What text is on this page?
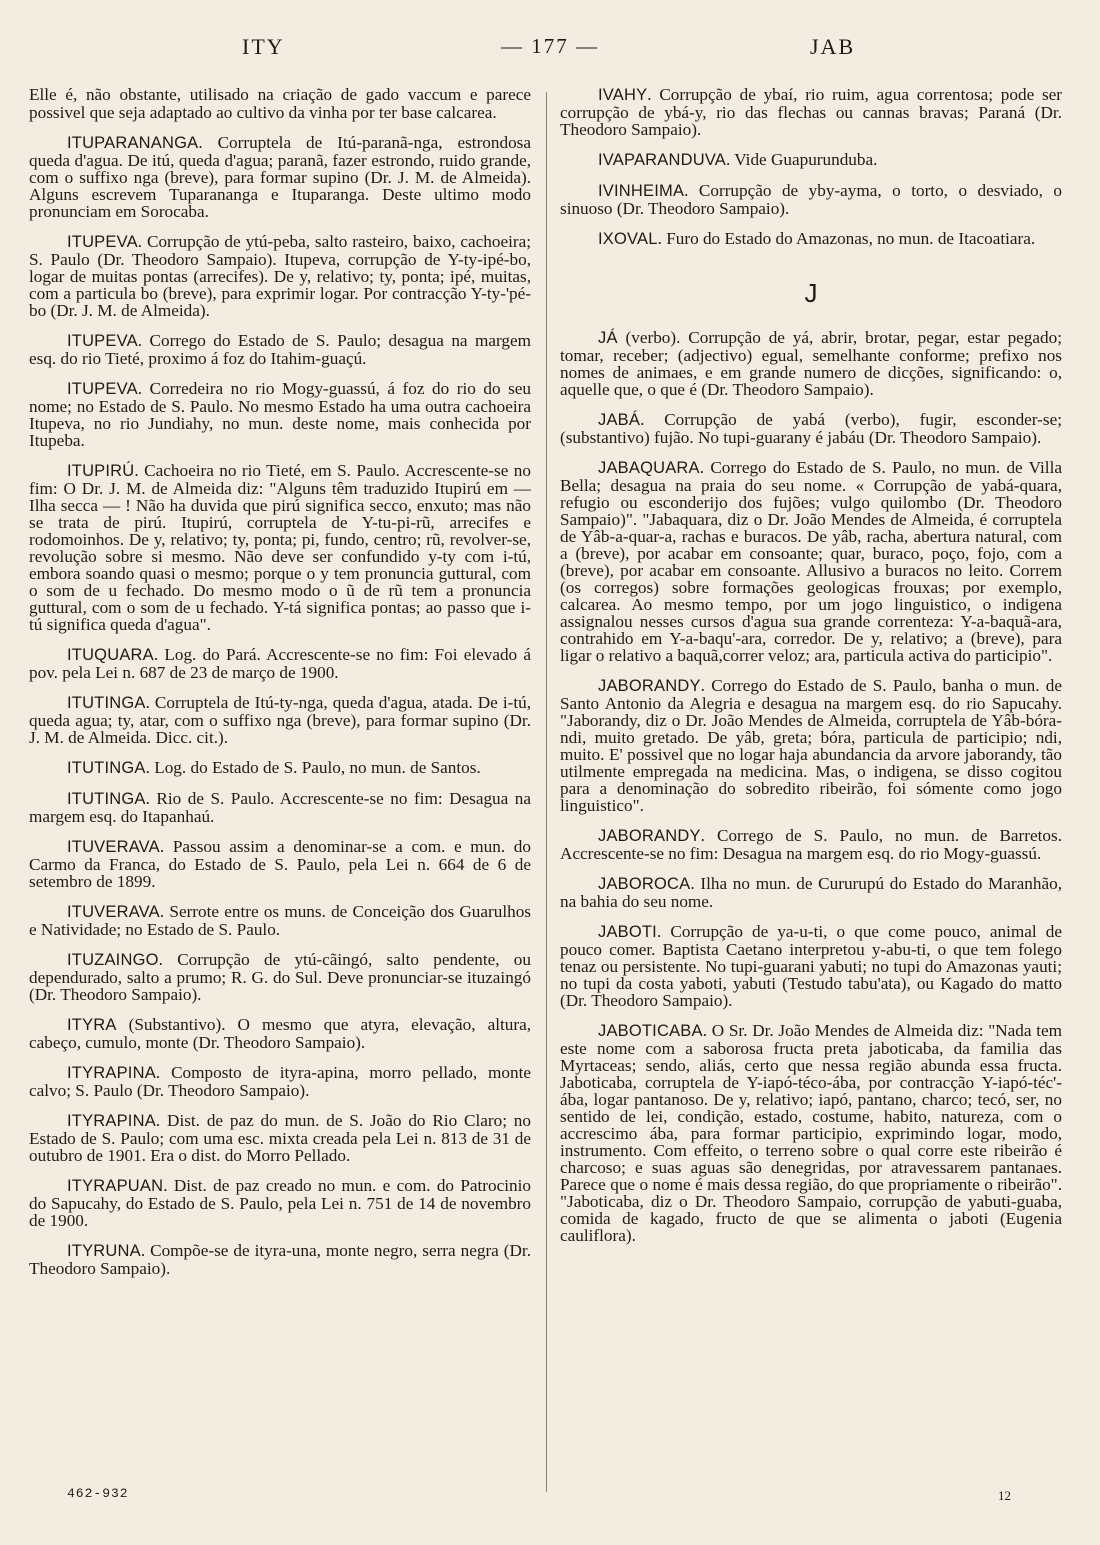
ITY	— 177 —	JAB

Elle é, não obstante, utilisado na criação de gado vaccum e parece possivel que seja adaptado ao cultivo da vinha por ter base calcarea.

ITUPARANANGA. Corruptela de Itú-paranã-nga, estrondosa queda d'agua. De itú, queda d'agua; paranã, fazer estrondo, ruido grande, com o suffixo nga (breve), para formar supino (Dr. J. M. de Almeida). Alguns escrevem Tuparananga e Ituparanga. Deste ultimo modo pronunciam em Sorocaba.

ITUPEVA. Corrupção de ytú-peba, salto rasteiro, baixo, cachoeira; S. Paulo (Dr. Theodoro Sampaio). Itupeva, corrupção de Y-ty-ipé-bo, logar de muitas pontas (arrecifes). De y, relativo; ty, ponta; ipé, muitas, com a particula bo (breve), para exprimir logar. Por contracção Y-ty-'pé-bo (Dr. J. M. de Almeida).

ITUPEVA. Corrego do Estado de S. Paulo; desagua na margem esq. do rio Tieté, proximo á foz do Itahim-guaçú.

ITUPEVA. Corredeira no rio Mogy-guassú, á foz do rio do seu nome; no Estado de S. Paulo. No mesmo Estado ha uma outra cachoeira Itupeva, no rio Jundiahy, no mun. deste nome, mais conhecida por Itupeba.

ITUPIRÚ. Cachoeira no rio Tieté, em S. Paulo. Accrescente-se no fim: O Dr. J. M. de Almeida diz: "Alguns têm traduzido Itupirú em — Ilha secca — ! Não ha duvida que pirú significa secco, enxuto; mas não se trata de pirú. Itupirú, corruptela de Y-tu-pi-rũ, arrecifes e rodomoinhos. De y, relativo; ty, ponta; pi, fundo, centro; rũ, revolver-se, revolução sobre si mesmo. Não deve ser confundido y-ty com i-tú, embora soando quasi o mesmo; porque o y tem pronuncia guttural, com o som de u fechado. Do mesmo modo o ũ de rũ tem a pronuncia guttural, com o som de u fechado. Y-tá significa pontas; ao passo que i-tú significa queda d'agua".

ITUQUARA. Log. do Pará. Accrescente-se no fim: Foi elevado á pov. pela Lei n. 687 de 23 de março de 1900.

ITUTINGA. Corruptela de Itú-ty-nga, queda d'agua, atada. De i-tú, queda agua; ty, atar, com o suffixo nga (breve), para formar supino (Dr. J. M. de Almeida. Dicc. cit.).

ITUTINGA. Log. do Estado de S. Paulo, no mun. de Santos.

ITUTINGA. Rio de S. Paulo. Accrescente-se no fim: Desagua na margem esq. do Itapanhaú.

ITUVERAVA. Passou assim a denominar-se a com. e mun. do Carmo da Franca, do Estado de S. Paulo, pela Lei n. 664 de 6 de setembro de 1899.

ITUVERAVA. Serrote entre os muns. de Conceição dos Guarulhos e Natividade; no Estado de S. Paulo.

ITUZAINGO. Corrupção de ytú-cãingó, salto pendente, ou dependurado, salto a prumo; R. G. do Sul. Deve pronunciar-se ituzaingó (Dr. Theodoro Sampaio).

ITYRA (Substantivo). O mesmo que atyra, elevação, altura, cabeço, cumulo, monte (Dr. Theodoro Sampaio).

ITYRAPINA. Composto de ityra-apina, morro pellado, monte calvo; S. Paulo (Dr. Theodoro Sampaio).

ITYRAPINA. Dist. de paz do mun. de S. João do Rio Claro; no Estado de S. Paulo; com uma esc. mixta creada pela Lei n. 813 de 31 de outubro de 1901. Era o dist. do Morro Pellado.

ITYRAPUAN. Dist. de paz creado no mun. e com. do Patrocinio do Sapucahy, do Estado de S. Paulo, pela Lei n. 751 de 14 de novembro de 1900.

ITYRUNA. Compõe-se de ityra-una, monte negro, serra negra (Dr. Theodoro Sampaio).

IVAHY. Corrupção de ybaí, rio ruim, agua correntosa; pode ser corrupção de ybá-y, rio das flechas ou cannas bravas; Paraná (Dr. Theodoro Sampaio).

IVAPARANDUVA. Vide Guapurunduba.

IVINHEIMA. Corrupção de yby-ayma, o torto, o desviado, o sinuoso (Dr. Theodoro Sampaio).

IXOVAL. Furo do Estado do Amazonas, no mun. de Itacoatiara.

J

JÁ (verbo). Corrupção de yá, abrir, brotar, pegar, estar pegado; tomar, receber; (adjectivo) egual, semelhante conforme; prefixo nos nomes de animaes, e em grande numero de dicções, significando: o, aquelle que, o que é (Dr. Theodoro Sampaio).

JABÁ. Corrupção de yabá (verbo), fugir, esconder-se; (substantivo) fujão. No tupi-guarany é jabáu (Dr. Theodoro Sampaio).

JABAQUARA. Corrego do Estado de S. Paulo, no mun. de Villa Bella; desagua na praia do seu nome. « Corrupção de yabá-quara, refugio ou esconderijo dos fujões; vulgo quilombo (Dr. Theodoro Sampaio)". "Jabaquara, diz o Dr. João Mendes de Almeida, é corruptela de Yâb-a-quar-a, rachas e buracos. De yâb, racha, abertura natural, com a (breve), por acabar em consoante; quar, buraco, poço, fojo, com a (breve), por acabar em consoante. Allusivo a buracos no leito. Correm (os corregos) sobre formações geologicas frouxas; por exemplo, calcarea. Ao mesmo tempo, por um jogo linguistico, o indigena assignalou nesses cursos d'agua sua grande correnteza: Y-a-baquã-ara, contrahido em Y-a-baqu'-ara, corredor. De y, relativo; a (breve), para ligar o relativo a baquã,correr veloz; ara, particula activa do participio".

JABORANDY. Corrego do Estado de S. Paulo, banha o mun. de Santo Antonio da Alegria e desagua na margem esq. do rio Sapucahy. "Jaborandy, diz o Dr. João Mendes de Almeida, corruptela de Yâb-bóra-ndi, muito gretado. De yâb, greta; bóra, particula de participio; ndi, muito. E' possivel que no logar haja abundancia da arvore jaborandy, tão utilmente empregada na medicina. Mas, o indigena, se disso cogitou para a denominação do sobredito ribeirão, foi sómente como jogo linguistico".

JABORANDY. Corrego de S. Paulo, no mun. de Barretos. Accrescente-se no fim: Desagua na margem esq. do rio Mogy-guassú.

JABOROCA. Ilha no mun. de Cururupú do Estado do Maranhão, na bahia do seu nome.

JABOTI. Corrupção de ya-u-ti, o que come pouco, animal de pouco comer. Baptista Caetano interpretou y-abu-ti, o que tem folego tenaz ou persistente. No tupi-guarani yabuti; no tupi do Amazonas yauti; no tupi da costa yaboti, yabuti (Testudo tabu'ata), ou Kagado do matto (Dr. Theodoro Sampaio).

JABOTICABA. O Sr. Dr. João Mendes de Almeida diz: "Nada tem este nome com a saborosa fructa preta jaboticaba, da familia das Myrtaceas; sendo, aliás, certo que nessa região abunda essa fructa. Jaboticaba, corruptela de Y-iapó-téco-ába, por contracção Y-iapó-téc'-ába, logar pantanoso. De y, relativo; iapó, pantano, charco; tecó, ser, no sentido de lei, condição, estado, costume, habito, natureza, com o accrescimo ába, para formar participio, exprimindo logar, modo, instrumento. Com effeito, o terreno sobre o qual corre este ribeirão é charcoso; e suas aguas são denegridas, por atravessarem pantanaes. Parece que o nome é mais dessa região, do que propriamente o ribeirão". "Jaboticaba, diz o Dr. Theodoro Sampaio, corrupção de yabuti-guaba, comida de kagado, fructo de que se alimenta o jaboti (Eugenia cauliflora).

462-932	12
